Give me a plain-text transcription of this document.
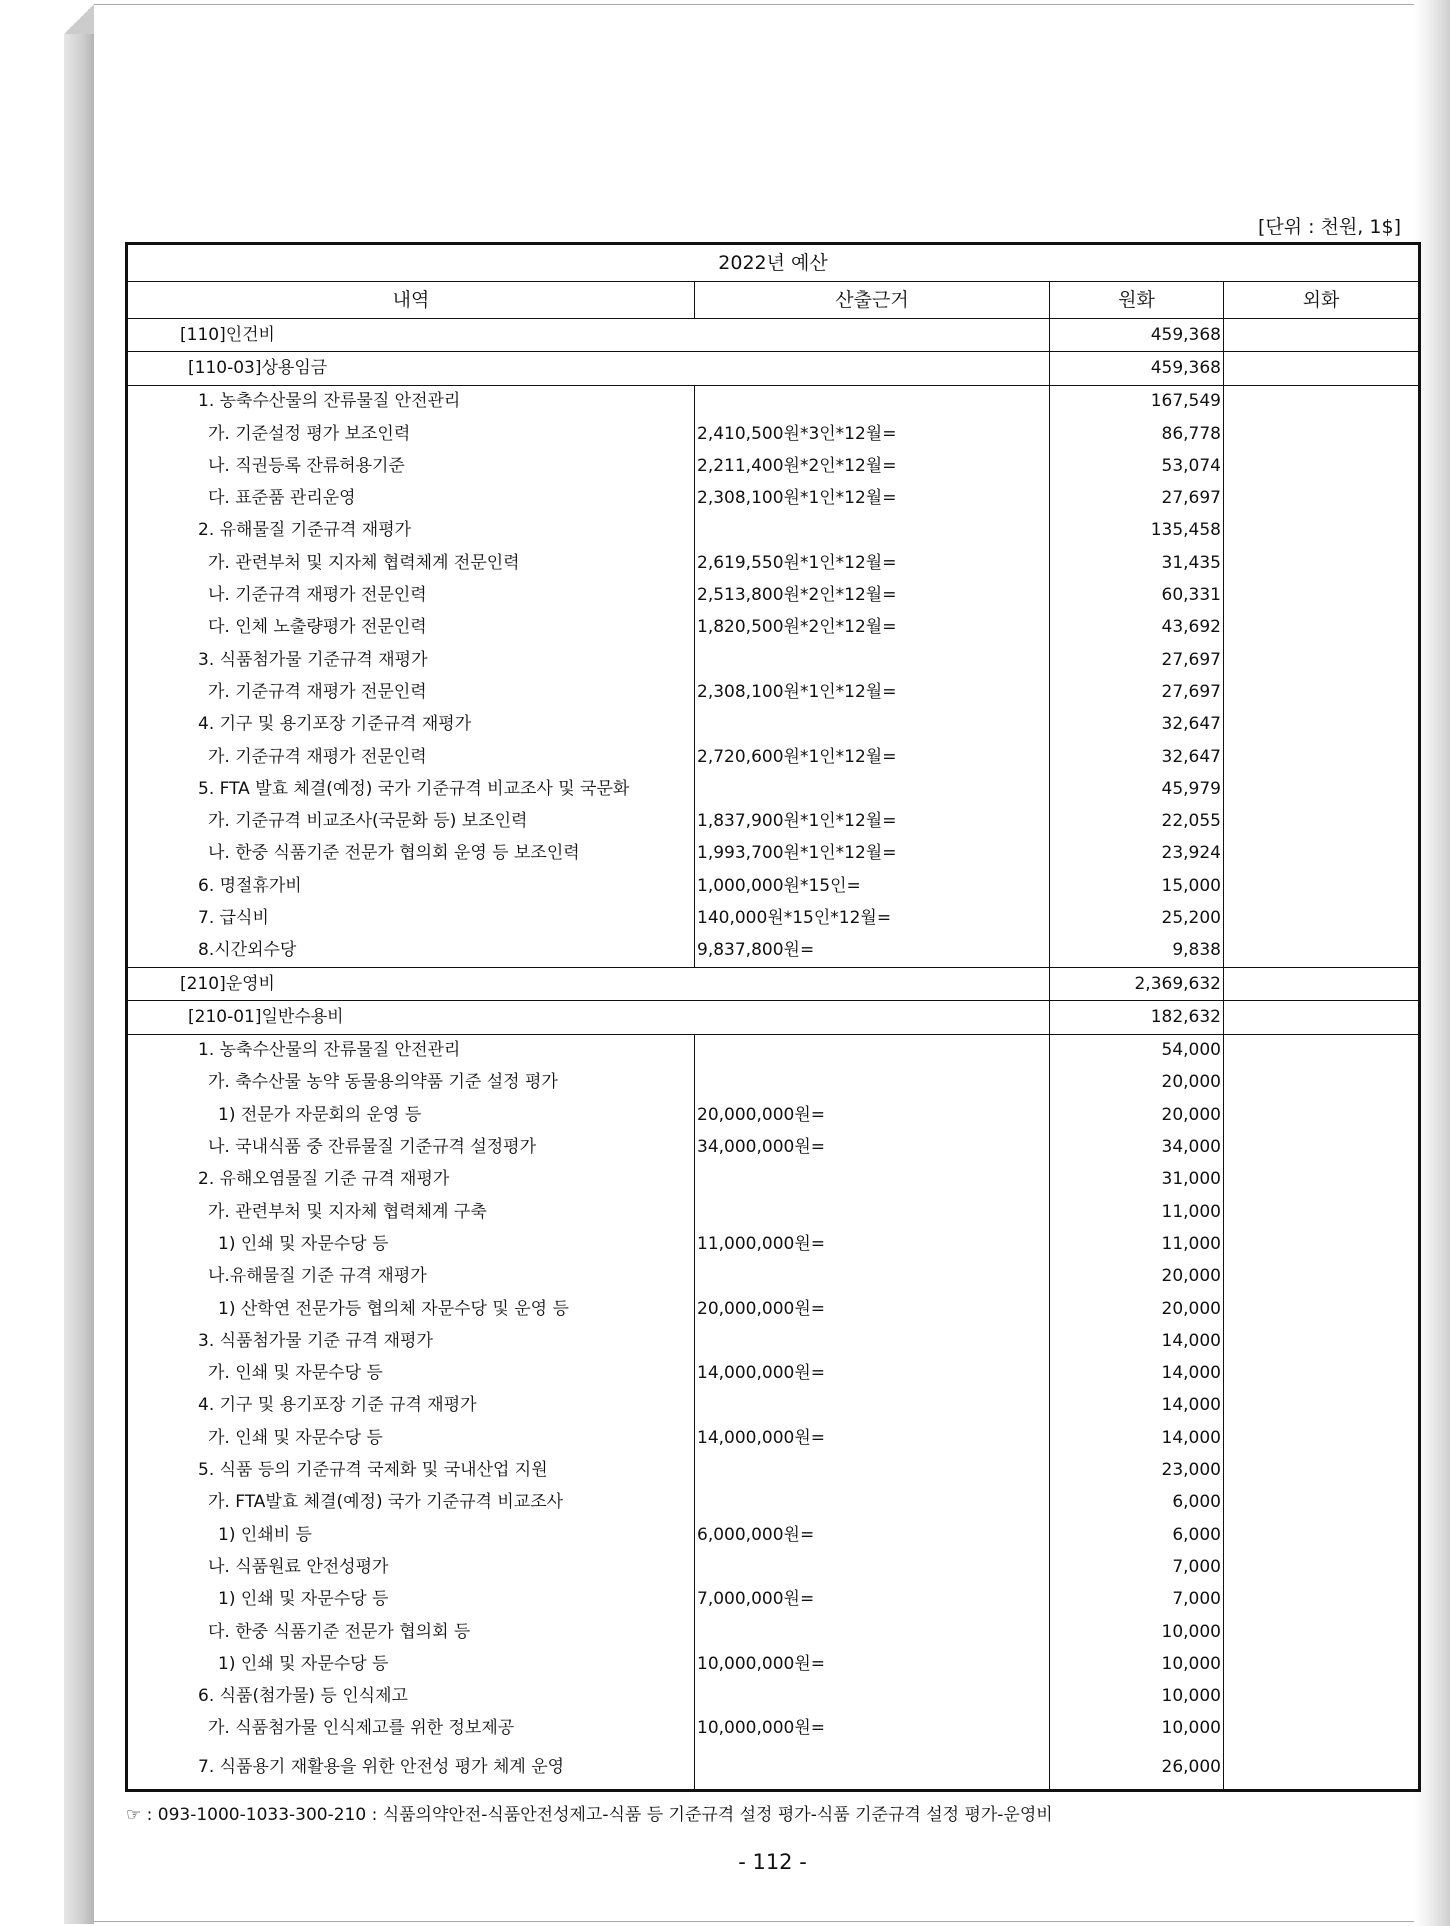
[단위 : 천원, 1$]
2022년 예산			
내역	산출근거	원화	외화
[110]인건비		459,368	
[110-03]상용임금		459,368	
1. 농축수산물의 잔류물질 안전관리		167,549	
가. 기준설정 평가 보조인력	2,410,500원*3인*12월=	86,778	
나. 직권등록 잔류허용기준	2,211,400원*2인*12월=	53,074	
다. 표준품 관리운영	2,308,100원*1인*12월=	27,697	
2. 유해물질 기준규격 재평가		135,458	
가. 관련부처 및 지자체 협력체계 전문인력	2,619,550원*1인*12월=	31,435	
나. 기준규격 재평가 전문인력	2,513,800원*2인*12월=	60,331	
다. 인체 노출량평가 전문인력	1,820,500원*2인*12월=	43,692	
3. 식품첨가물 기준규격 재평가		27,697	
가. 기준규격 재평가 전문인력	2,308,100원*1인*12월=	27,697	
4. 기구 및 용기포장 기준규격 재평가		32,647	
가. 기준규격 재평가 전문인력	2,720,600원*1인*12월=	32,647	
5. FTA 발효 체결(예정) 국가 기준규격 비교조사 및 국문화		45,979	
가. 기준규격 비교조사(국문화 등) 보조인력	1,837,900원*1인*12월=	22,055	
나. 한중 식품기준 전문가 협의회 운영 등 보조인력	1,993,700원*1인*12월=	23,924	
6. 명절휴가비	1,000,000원*15인=	15,000	
7. 급식비	140,000원*15인*12월=	25,200	
8.시간외수당	9,837,800원=	9,838	
[210]운영비		2,369,632	
[210-01]일반수용비		182,632	
1. 농축수산물의 잔류물질 안전관리		54,000	
가. 축수산물 농약 동물용의약품 기준 설정 평가		20,000	
1) 전문가 자문회의 운영 등	20,000,000원=	20,000	
나. 국내식품 중 잔류물질 기준규격 설정평가	34,000,000원=	34,000	
2. 유해오염물질 기준 규격 재평가		31,000	
가. 관련부처 및 지자체 협력체계 구축		11,000	
1) 인쇄 및 자문수당 등	11,000,000원=	11,000	
나.유해물질 기준 규격 재평가		20,000	
1) 산학연 전문가등 협의체 자문수당 및 운영 등	20,000,000원=	20,000	
3. 식품첨가물 기준 규격 재평가		14,000	
가. 인쇄 및 자문수당 등	14,000,000원=	14,000	
4. 기구 및 용기포장 기준 규격 재평가		14,000	
가. 인쇄 및 자문수당 등	14,000,000원=	14,000	
5. 식품 등의 기준규격 국제화 및 국내산업 지원		23,000	
가. FTA발효 체결(예정) 국가 기준규격 비교조사		6,000	
1) 인쇄비 등	6,000,000원=	6,000	
나. 식품원료 안전성평가		7,000	
1) 인쇄 및 자문수당 등	7,000,000원=	7,000	
다. 한중 식품기준 전문가 협의회 등		10,000	
1) 인쇄 및 자문수당 등	10,000,000원=	10,000	
6. 식품(첨가물) 등 인식제고		10,000	
가. 식품첨가물 인식제고를 위한 정보제공	10,000,000원=	10,000	
7. 식품용기 재활용을 위한 안전성 평가 체계 운영		26,000	
☞ : 093-1000-1033-300-210 : 식품의약안전-식품안전성제고-식품 등 기준규격 설정 평가-식품 기준규격 설정 평가-운영비
- 112 -
